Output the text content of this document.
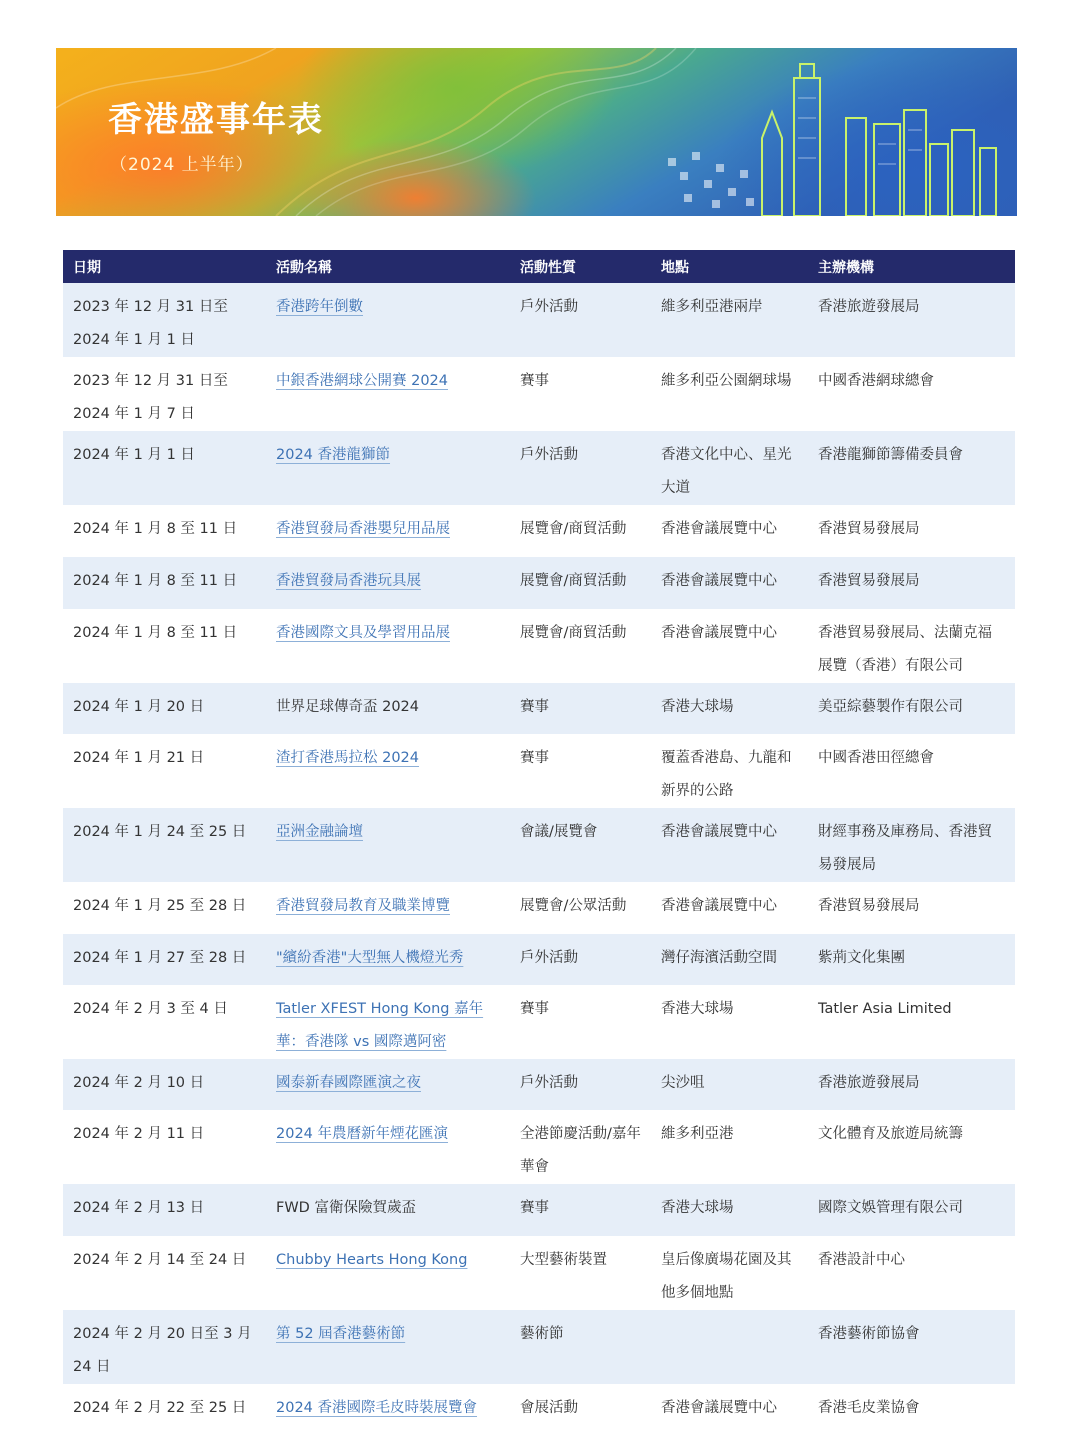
香港盛事年表
（2024 上半年）
日期	活動名稱	活動性質	地點	主辦機構
2023 年 12 月 31 日至 2024 年 1 月 1 日	香港跨年倒數	戶外活動	維多利亞港兩岸	香港旅遊發展局
2023 年 12 月 31 日至 2024 年 1 月 7 日	中銀香港網球公開賽 2024	賽事	維多利亞公園網球場	中國香港網球總會
2024 年 1 月 1 日	2024 香港龍獅節	戶外活動	香港文化中心、星光大道	香港龍獅節籌備委員會
2024 年 1 月 8 至 11 日	香港貿發局香港嬰兒用品展	展覽會/商貿活動	香港會議展覽中心	香港貿易發展局
2024 年 1 月 8 至 11 日	香港貿發局香港玩具展	展覽會/商貿活動	香港會議展覽中心	香港貿易發展局
2024 年 1 月 8 至 11 日	香港國際文具及學習用品展	展覽會/商貿活動	香港會議展覽中心	香港貿易發展局、法蘭克福展覽（香港）有限公司
2024 年 1 月 20 日	世界足球傳奇盃 2024	賽事	香港大球場	美亞綜藝製作有限公司
2024 年 1 月 21 日	渣打香港馬拉松 2024	賽事	覆蓋香港島、九龍和新界的公路	中國香港田徑總會
2024 年 1 月 24 至 25 日	亞洲金融論壇	會議/展覽會	香港會議展覽中心	財經事務及庫務局、香港貿易發展局
2024 年 1 月 25 至 28 日	香港貿發局教育及職業博覽	展覽會/公眾活動	香港會議展覽中心	香港貿易發展局
2024 年 1 月 27 至 28 日	"繽紛香港"大型無人機燈光秀	戶外活動	灣仔海濱活動空間	紫荊文化集團
2024 年 2 月 3 至 4 日	Tatler XFEST Hong Kong 嘉年華：香港隊 vs 國際邁阿密	賽事	香港大球場	Tatler Asia Limited
2024 年 2 月 10 日	國泰新春國際匯演之夜	戶外活動	尖沙咀	香港旅遊發展局
2024 年 2 月 11 日	2024 年農曆新年煙花匯演	全港節慶活動/嘉年華會	維多利亞港	文化體育及旅遊局統籌
2024 年 2 月 13 日	FWD 富衛保險賀歲盃	賽事	香港大球場	國際文娛管理有限公司
2024 年 2 月 14 至 24 日	Chubby Hearts Hong Kong	大型藝術裝置	皇后像廣場花園及其他多個地點	香港設計中心
2024 年 2 月 20 日至 3 月 24 日	第 52 屆香港藝術節	藝術節		香港藝術節協會
2024 年 2 月 22 至 25 日	2024 香港國際毛皮時裝展覽會	會展活動	香港會議展覽中心	香港毛皮業協會
